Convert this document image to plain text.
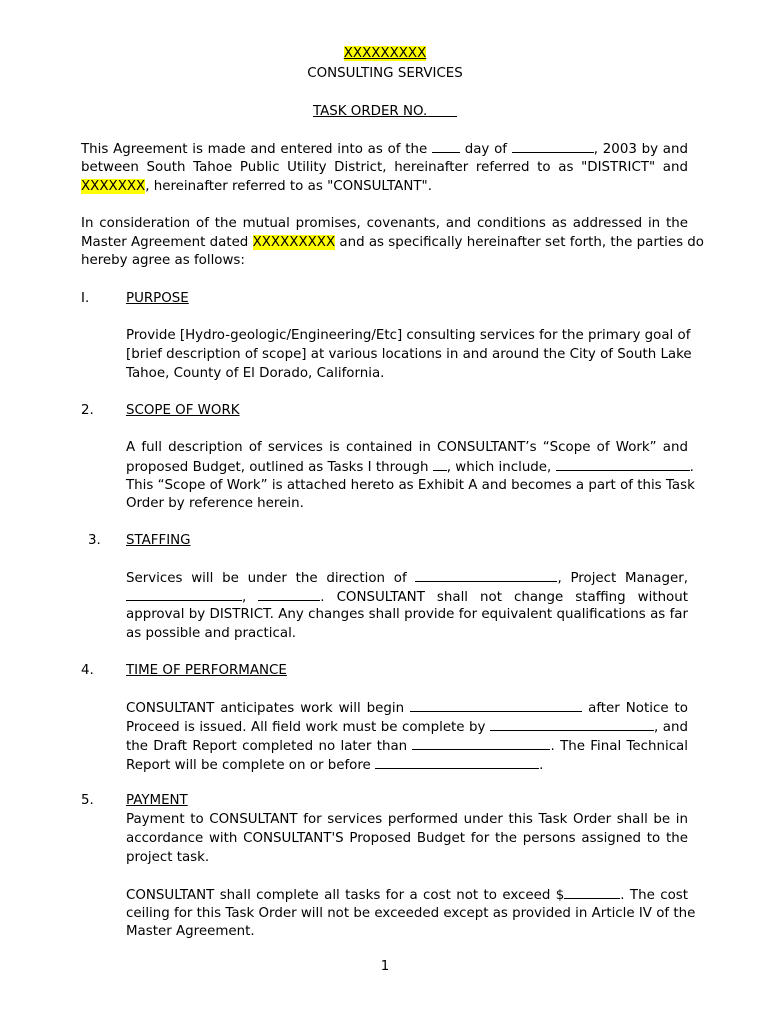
XXXXXXXXX
CONSULTING SERVICES
TASK ORDER NO.
This Agreement is made and entered into as of the	day of	, 2003 by and
between South Tahoe Public Utility District, hereinafter referred to as "DISTRICT" and
XXXXXXX, hereinafter referred to as "CONSULTANT".
In consideration of the mutual promises, covenants, and conditions as addressed in the
Master Agreement dated XXXXXXXXX and as specifically hereinafter set forth, the parties do
hereby agree as follows:
I.	PURPOSE
Provide [Hydro-geologic/Engineering/Etc] consulting services for the primary goal of
[brief description of scope] at various locations in and around the City of South Lake
Tahoe, County of El Dorado, California.
2. SCOPE OF WORK
A full description of services is contained in CONSULTANT’s “Scope of Work” and
proposed Budget, outlined as Tasks I through , which include,	.
This “Scope of Work” is attached hereto as Exhibit A and becomes a part of this Task
Order by reference herein.
3. STAFFING
Services will be under the direction of	, Project Manager,
,	. CONSULTANT shall not change staffing without
approval by DISTRICT. Any changes shall provide for equivalent qualifications as far
as possible and practical.
4. TIME OF PERFORMANCE
CONSULTANT anticipates work will begin	after Notice to
Proceed is issued. All field work must be complete by	, and
the Draft Report completed no later than	. The Final Technical
Report will be complete on or before	.
5. PAYMENT
Payment to CONSULTANT for services performed under this Task Order shall be in
accordance with CONSULTANT'S Proposed Budget for the persons assigned to the
project task.
CONSULTANT shall complete all tasks for a cost not to exceed $	. The cost
ceiling for this Task Order will not be exceeded except as provided in Article IV of the
Master Agreement.
1
